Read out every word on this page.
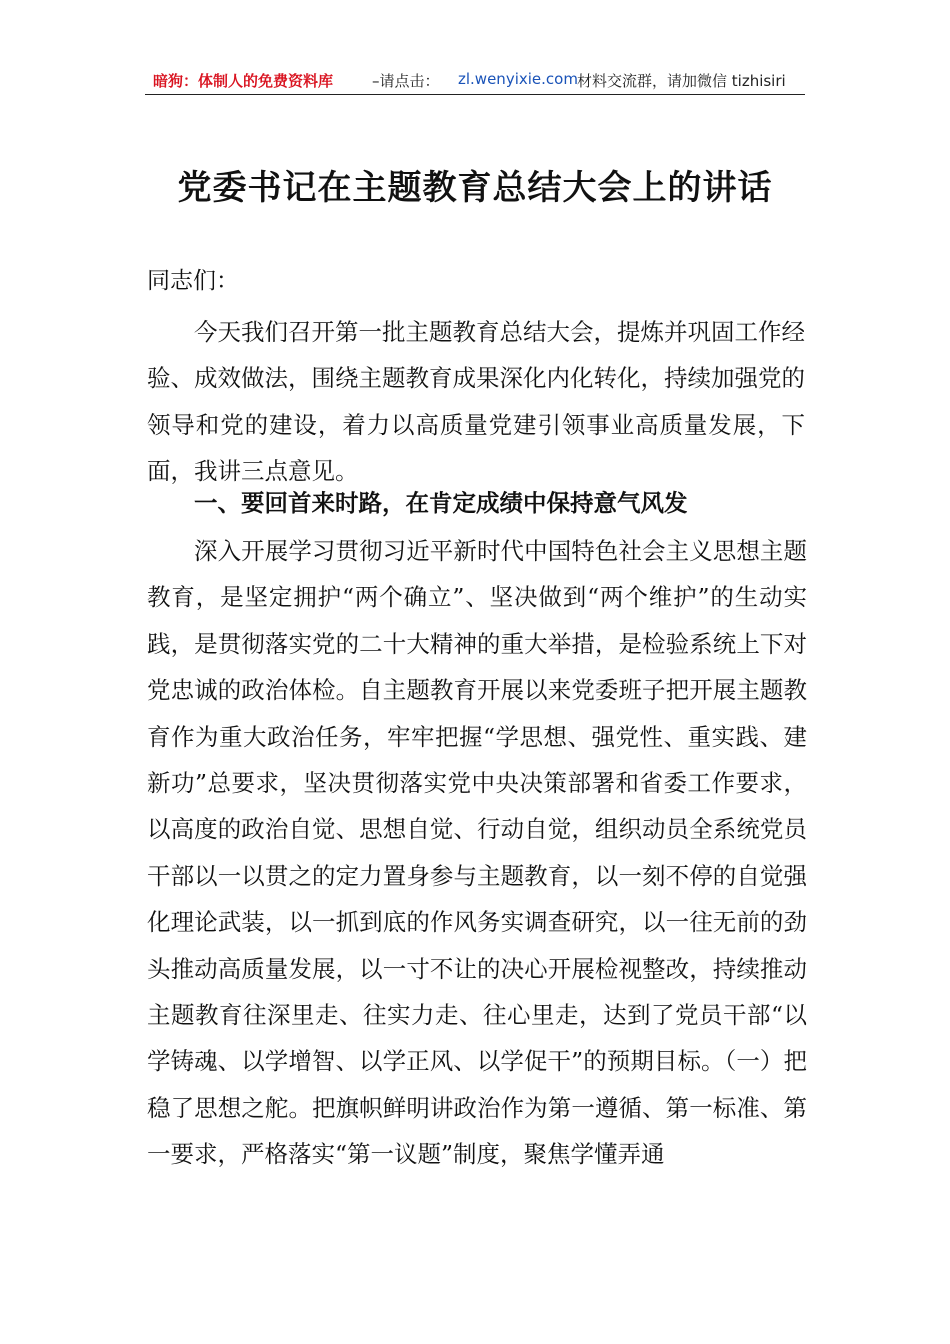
暗狗：体制人的免费资料库	–请点击： zl.wenyixie.com 材料交流群，请加微信 tizhisiri
党委书记在主题教育总结大会上的讲话
同志们：

今天我们召开第一批主题教育总结大会，提炼并巩固工作经验、成效做法，围绕主题教育成果深化内化转化，持续加强党的领导和党的建设，着力以高质量党建引领事业高质量发展，下面，我讲三点意见。

一、要回首来时路，在肯定成绩中保持意气风发

深入开展学习贯彻习近平新时代中国特色社会主义思想主题教育，是坚定拥护“两个确立”、坚决做到“两个维护”的生动实践，是贯彻落实党的二十大精神的重大举措，是检验系统上下对党忠诚的政治体检。自主题教育开展以来党委班子把开展主题教育作为重大政治任务，牢牢把握“学思想、强党性、重实践、建新功”总要求，坚决贯彻落实党中央决策部署和省委工作要求，以高度的政治自觉、思想自觉、行动自觉，组织动员全系统党员干部以一以贯之的定力置身参与主题教育，以一刻不停的自觉强化理论武装，以一抓到底的作风务实调查研究，以一往无前的劲头推动高质量发展，以一寸不让的决心开展检视整改，持续推动主题教育往深里走、往实力走、往心里走，达到了党员干部“以学铸魂、以学增智、以学正风、以学促干”的预期目标。（一）把稳了思想之舵。把旗帜鲜明讲政治作为第一遵循、第一标准、第一要求，严格落实“第一议题”制度，聚焦学懂弄通
